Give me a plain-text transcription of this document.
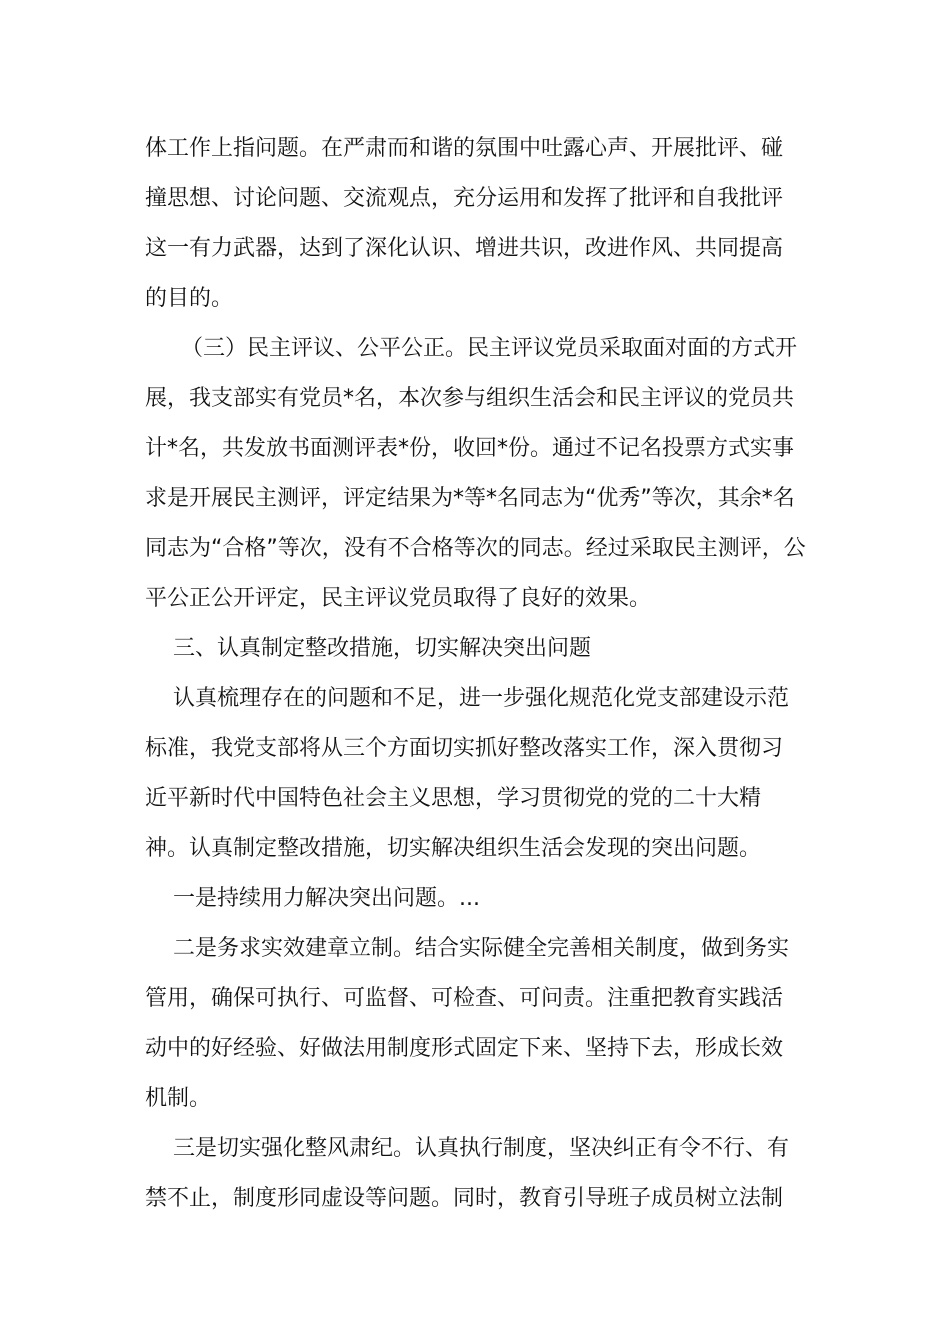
体工作上指问题。在严肃而和谐的氛围中吐露心声、开展批评、碰
撞思想、讨论问题、交流观点，充分运用和发挥了批评和自我批评
这一有力武器，达到了深化认识、增进共识，改进作风、共同提高
的目的。
（三）民主评议、公平公正。民主评议党员采取面对面的方式开
展，我支部实有党员*名，本次参与组织生活会和民主评议的党员共
计*名，共发放书面测评表*份，收回*份。通过不记名投票方式实事
求是开展民主测评，评定结果为*等*名同志为“优秀”等次，其余*名
同志为“合格”等次，没有不合格等次的同志。经过采取民主测评，公
平公正公开评定，民主评议党员取得了良好的效果。
三、认真制定整改措施，切实解决突出问题
认真梳理存在的问题和不足，进一步强化规范化党支部建设示范
标准，我党支部将从三个方面切实抓好整改落实工作，深入贯彻习
近平新时代中国特色社会主义思想，学习贯彻党的党的二十大精
神。认真制定整改措施，切实解决组织生活会发现的突出问题。
一是持续用力解决突出问题。...
二是务求实效建章立制。结合实际健全完善相关制度，做到务实
管用，确保可执行、可监督、可检查、可问责。注重把教育实践活
动中的好经验、好做法用制度形式固定下来、坚持下去，形成长效
机制。
三是切实强化整风肃纪。认真执行制度，坚决纠正有令不行、有
禁不止，制度形同虚设等问题。同时，教育引导班子成员树立法制
